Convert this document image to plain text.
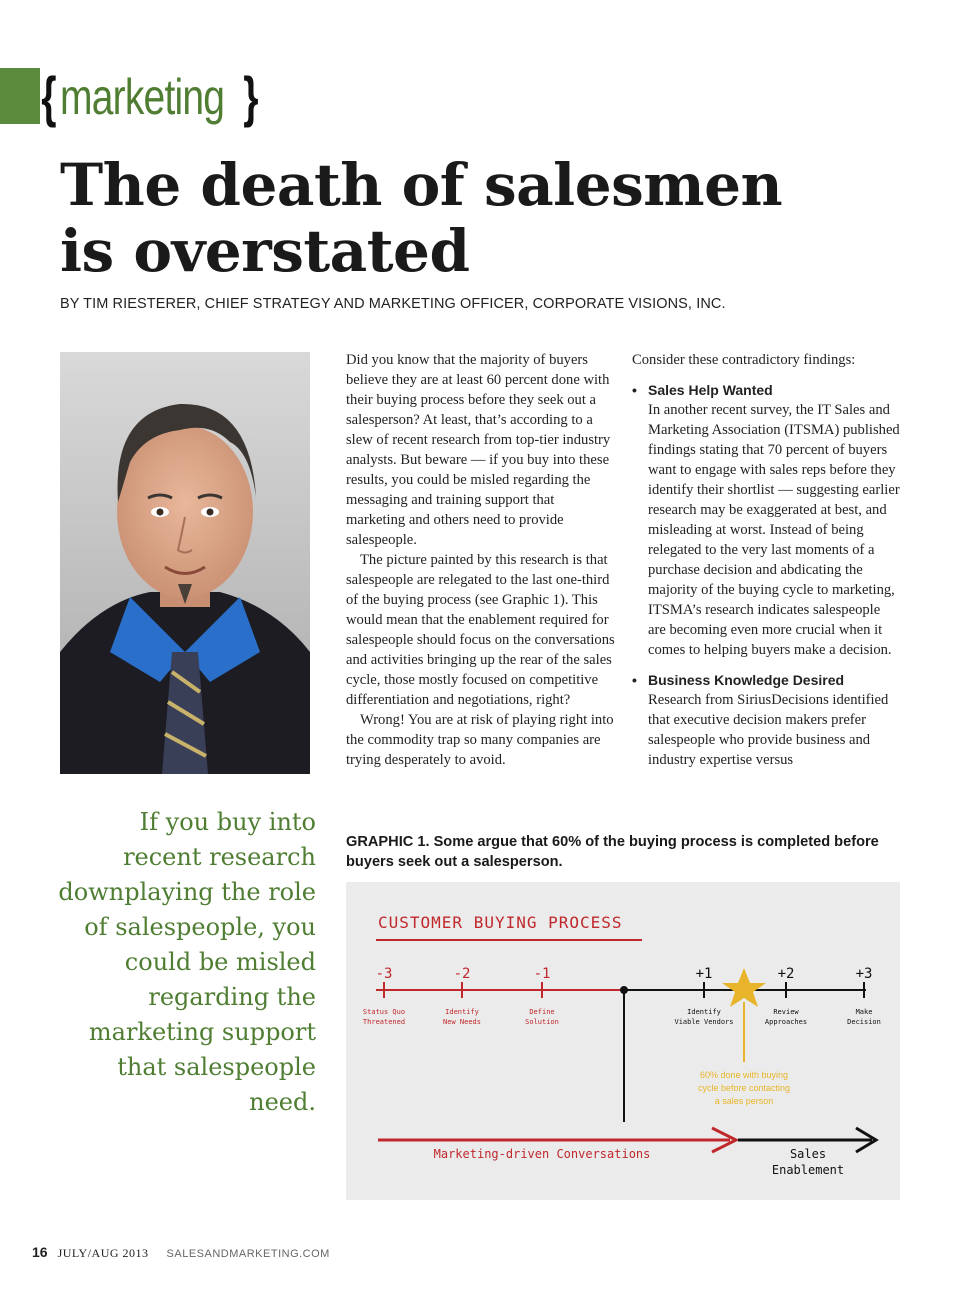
{ marketing }
The death of salesmen
is overstated
BY TIM RIESTERER, CHIEF STRATEGY AND MARKETING OFFICER, CORPORATE VISIONS, INC.
If you buy into recent research downplaying the role of salespeople, you could be misled regarding the marketing support that salespeople need.

Did you know that the majority of buyers believe they are at least 60 percent done with their buying process before they seek out a salesperson? At least, that’s according to a slew of recent research from top-tier industry analysts. But beware — if you buy into these results, you could be misled regarding the messaging and training support that marketing and others need to provide salespeople.

The picture painted by this research is that salespeople are relegated to the last one-third of the buying process (see Graphic 1). This would mean that the enablement required for salespeople should focus on the conversations and activities bringing up the rear of the sales cycle, those mostly focused on competitive differentiation and negotiations, right?

Wrong! You are at risk of playing right into the commodity trap so many companies are trying desperately to avoid.

Consider these contradictory findings:

• Sales Help Wanted

In another recent survey, the IT Sales and Marketing Association (ITSMA) published findings stating that 70 percent of buyers want to engage with sales reps before they identify their shortlist — suggesting earlier research may be exaggerated at best, and misleading at worst. Instead of being relegated to the very last moments of a purchase decision and abdicating the majority of the buying cycle to marketing, ITSMA’s research indicates salespeople are becoming even more crucial when it comes to helping buyers make a decision.

• Business Knowledge Desired

Research from SiriusDecisions identified that executive decision makers prefer salespeople who provide business and industry expertise versus

GRAPHIC 1. Some argue that 60% of the buying process is completed before buyers seek out a salesperson.
CUSTOMER BUYING PROCESS
-3
Status Quo
Threatened
-2
Identify
New Needs
-1
Define
Solution
+1
Identify
Viable Vendors
+2
Review
Approaches
+3
Make
Decision
60% done with buying
cycle before contacting
a sales person
Marketing-driven Conversations	Sales
Enablement
16 JULY/AUG 2013 SALESANDMARKETING.COM
